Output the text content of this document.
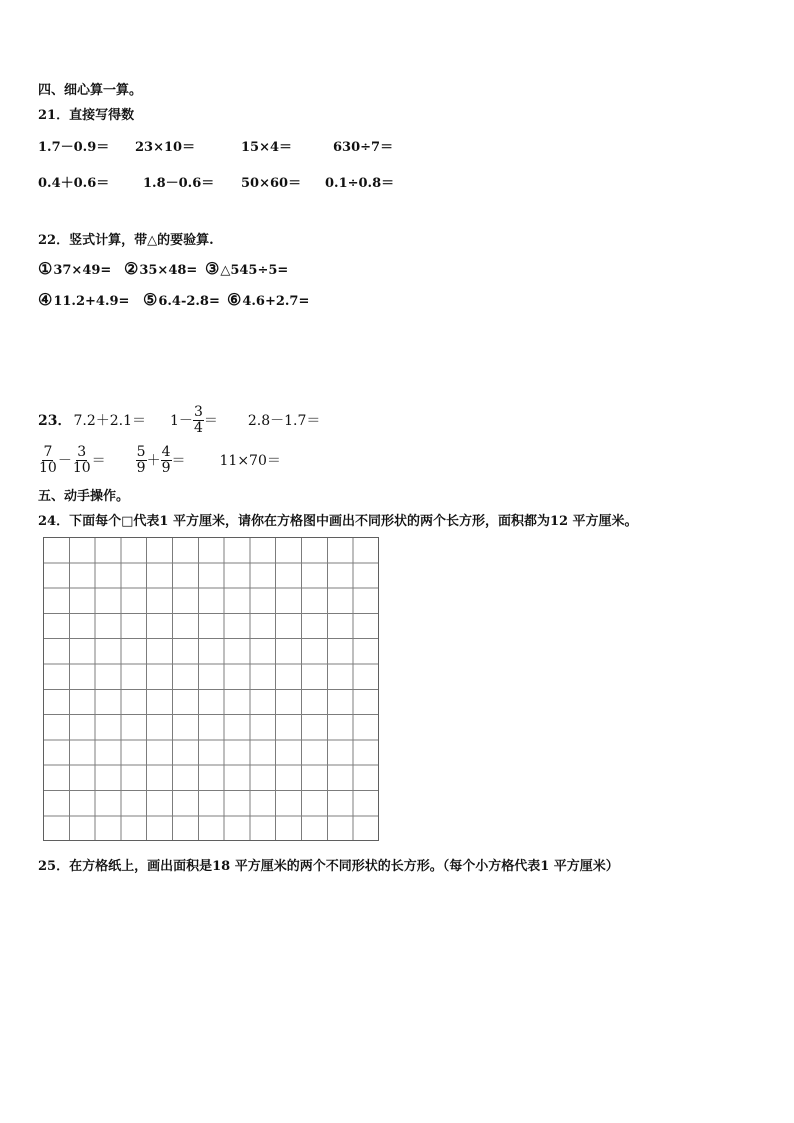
四、细心算一算。
21．直接写得数
1.7－0.9＝ 23×10＝	15×4＝	630÷7＝
0.4＋0.6＝	1.8－0.6＝ 50×60＝ 0.1÷0.8＝
22．竖式计算，带△的要验算.
①37×49= ②35×48= ③△545÷5=
④11.2+4.9= ⑤6.4-2.8= ⑥4.6+2.7=
23． $7.2+2.1= 1- \frac{3}{4} = 2.8-1.7=$
$\frac{7}{10} - \frac{3}{10} = \frac{5}{9} + \frac{4}{9} = 11\times 70=$
五、动手操作。
24．下面每个□代表1 平方厘米，请你在方格图中画出不同形状的两个长方形，面积都为12 平方厘米。
25．在方格纸上，画出面积是18 平方厘米的两个不同形状的长方形。（每个小方格代表1 平方厘米）
